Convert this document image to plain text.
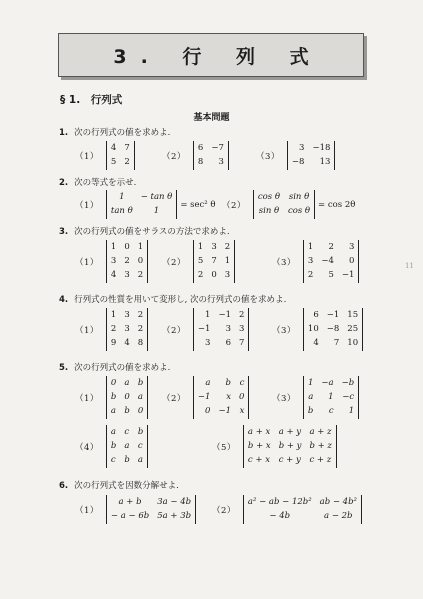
3. 行 列 式
§ 1.　行列式
基本問題
1. 次の行列式の値を求めよ.
（1）
4 7
5 2
（2）
6 −7
8	3
（3）
3 −18
−8	13
2. 次の等式を示せ.
（1）
1	− tan θ
tan θ	1
= sec² θ （2）
cos θ sin θ
sin θ cos θ
= cos 2θ
3. 次の行列式の値をサラスの方法で求めよ.
（1）
1 0 1
3 2 0
4 3 2
（2）
1 3 2
5 7 1
2 0 3
（3）
1	2	3
3 −4	0
2	5 −1
4. 行列式の性質を用いて変形し, 次の行列式の値を求めよ.
（1）
1 3 2
2 3 2
9 4 8
（2）
1 −1 2
−1	3 3
3	6 7
（3）
6 −1 15
10 −8 25
4	7 10
5. 次の行列式の値を求めよ.
（1）
0 a b
b 0 a
a b 0
（2）
a	b c
−1	x 0
0 −1 x
（3）
1 −a −b
a	1 −c
b	c	1
（4）
a c b
b a c
c b a
（5）
a + x a + y a + z
b + x b + y b + z
c + x c + y c + z
6. 次の行列式を因数分解せよ.
（1）
a + b	3a − 4b
− a − 6b 5a + 3b
（2）
a² − ab − 12b² ab − 4b²
− 4b	a − 2b
11
